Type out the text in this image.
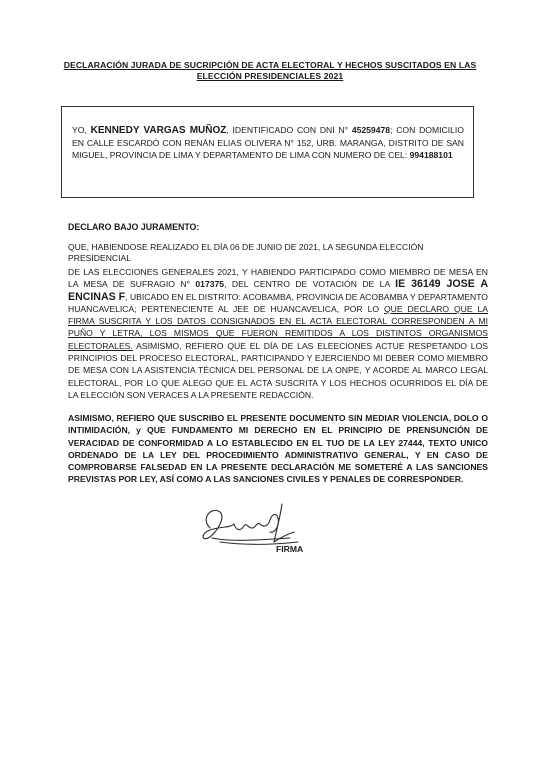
DECLARACIÓN JURADA DE SUCRIPCIÓN DE ACTA ELECTORAL Y HECHOS SUSCITADOS EN LAS
ELECCIÓN PRESIDENCIALES 2021
YO, KENNEDY VARGAS MUÑOZ, IDENTIFICADO CON DNI N° 45259478; CON DOMICILIO EN CALLE ESCARDÓ CON RENÁN ELIAS OLIVERA N° 152, URB. MARANGA, DISTRITO DE SAN MIGUEL, PROVINCIA DE LIMA Y DEPARTAMENTO DE LIMA CON NUMERO DE CEL: 994188101
DECLARO BAJO JURAMENTO:
QUE, HABIENDOSE REALIZADO EL DÍA 06 DE JUNIO DE 2021, LA SEGUNDA ELECCIÓN PRESIDENCIAL
DE LAS ELECCIONES GENERALES 2021, Y HABIENDO PARTICIPADO COMO MIEMBRO DE MESA EN LA MESA DE SUFRAGIO N° 017375, DEL CENTRO DE VOTACIÓN DE LA IE 36149 JOSE A ENCINAS F, UBICADO EN EL DISTRITO: ACOBAMBA, PROVINCIA DE ACOBAMBA Y DEPARTAMENTO HUANCAVELICA; PERTENECIENTE AL JEE DE HUANCAVELICA, POR LO QUE DECLARO QUE LA FIRMA SUSCRITA Y LOS DATOS CONSIGNADOS EN EL ACTA ELECTORAL CORRESPONDEN A MI PUÑO Y LETRA, LOS MISMOS QUE FUERON REMITIDOS A LOS DISTINTOS ORGANISMOS ELECTORALES. ASIMISMO, REFIERO QUE EL DÍA DE LAS ELEECIONES ACTUE RESPETANDO LOS PRINCIPIOS DEL PROCESO ELECTORAL, PARTICIPANDO Y EJERCIENDO MI DEBER COMO MIEMBRO DE MESA CON LA ASISTENCIA TÉCNICA DEL PERSONAL DE LA ONPE, Y ACORDE AL MARCO LEGAL ELECTORAL, POR LO QUE ALEGO QUE EL ACTA SUSCRITA Y LOS HECHOS OCURRIDOS EL DÍA DE LA ELECCIÓN SON VERACES A LA PRESENTE REDACCIÓN.
ASIMISMO, REFIERO QUE SUSCRIBO EL PRESENTE DOCUMENTO SIN MEDIAR VIOLENCIA, DOLO O INTIMIDACIÓN, y QUE FUNDAMENTO MI DERECHO EN EL PRINCIPIO DE PRENSUNCIÓN DE VERACIDAD DE CONFORMIDAD A LO ESTABLECIDO EN EL TUO DE LA LEY 27444, TEXTO UNICO ORDENADO DE LA LEY DEL PROCEDIMIENTO ADMINISTRATIVO GENERAL, Y EN CASO DE COMPROBARSE FALSEDAD EN LA PRESENTE DECLARACIÓN ME SOMETERÉ A LAS SANCIONES PREVISTAS POR LEY, ASÍ COMO A LAS SANCIONES CIVILES Y PENALES DE CORRESPONDER.
FIRMA
